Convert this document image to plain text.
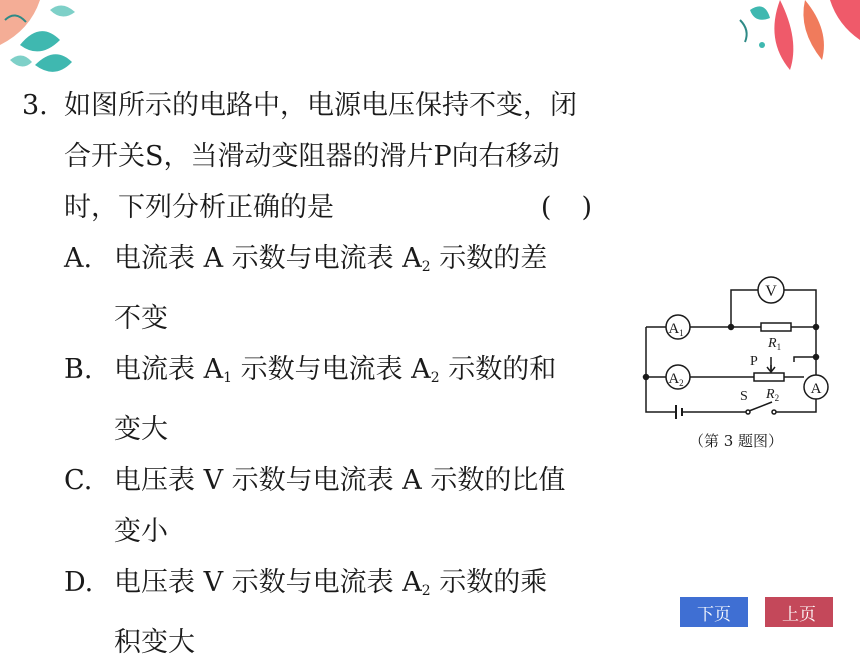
3. 如图所示的电路中，电源电压保持不变，闭
合开关S，当滑动变阻器的滑片P向右移动
时，下列分析正确的是	()
A. 电流表 A 示数与电流表 $A_2$ 示数的差
不变
B. 电流表 $A_1$ 示数与电流表 $A_2$ 示数的和
变大
C. 电压表 V 示数与电流表 A 示数的比值
变小
D. 电压表 V 示数与电流表 $A_2$ 示数的乘
积变大
V
$A_1$
$R_1$
$A_2$
P
$R_2$
A
S
（第 3 题图）
下页	上页
